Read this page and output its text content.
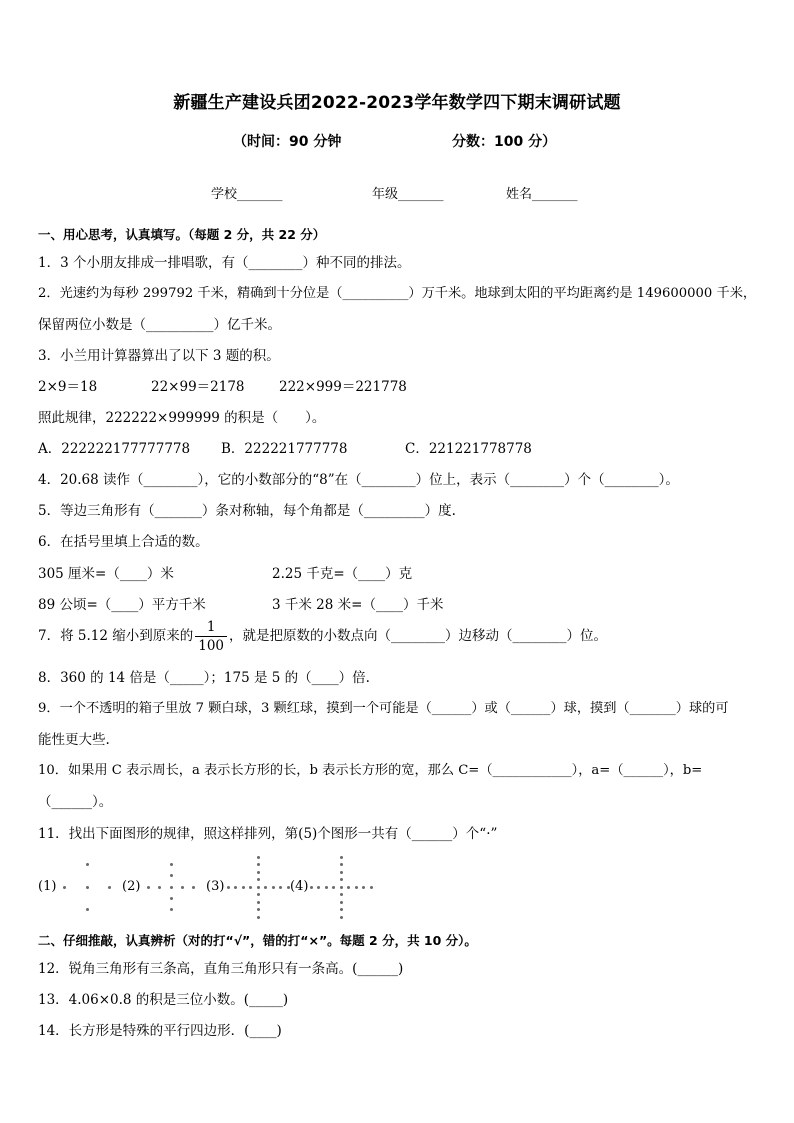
新疆生产建设兵团2022-2023学年数学四下期末调研试题
（时间：90 分钟	分数：100 分）
学校_______	年级_______	姓名_______
一、用心思考，认真填写。（每题 2 分，共 22 分）
1．3 个小朋友排成一排唱歌，有（________）种不同的排法。
2．光速约为每秒 299792 千米，精确到十分位是（__________）万千米。地球到太阳的平均距离约是 149600000 千米，
保留两位小数是（__________）亿千米。
3．小兰用计算器算出了以下 3 题的积。
2×9＝18	22×99＝2178	222×999＝221778
照此规律，222222×999999 的积是（　　）。
A．222222177777778 B．222221777778	C．221221778778
4．20.68 读作（________），它的小数部分的“8”在（________）位上，表示（________）个（________）。
5．等边三角形有（_______）条对称轴，每个角都是（_________）度.
6．在括号里填上合适的数。
305 厘米=（____）米	2.25 千克=（____）克
89 公顷=（____）平方千米	3 千米 28 米=（____）千米
7．将 5.12 缩小到原来的 $\frac{1}{100}$ ，就是把原数的小数点向（________）边移动（________）位。
8．360 的 14 倍是（_____）；175 是 5 的（____）倍.
9．一个不透明的箱子里放 7 颗白球，3 颗红球，摸到一个可能是（______）或（______）球，摸到（_______）球的可
能性更大些.
10．如果用 C 表示周长，a 表示长方形的长，b 表示长方形的宽，那么 C=（____________），a=（______），b=
（______）。
11．找出下面图形的规律，照这样排列，第(5)个图形一共有（______）个“·”
(1)	(2)	(3)	(4)
二、仔细推敲，认真辨析（对的打“√”，错的打“×”。每题 2 分，共 10 分）。
12．锐角三角形有三条高，直角三角形只有一条高。(______)
13．4.06×0.8 的积是三位小数。(_____)
14．长方形是特殊的平行四边形．(____)
